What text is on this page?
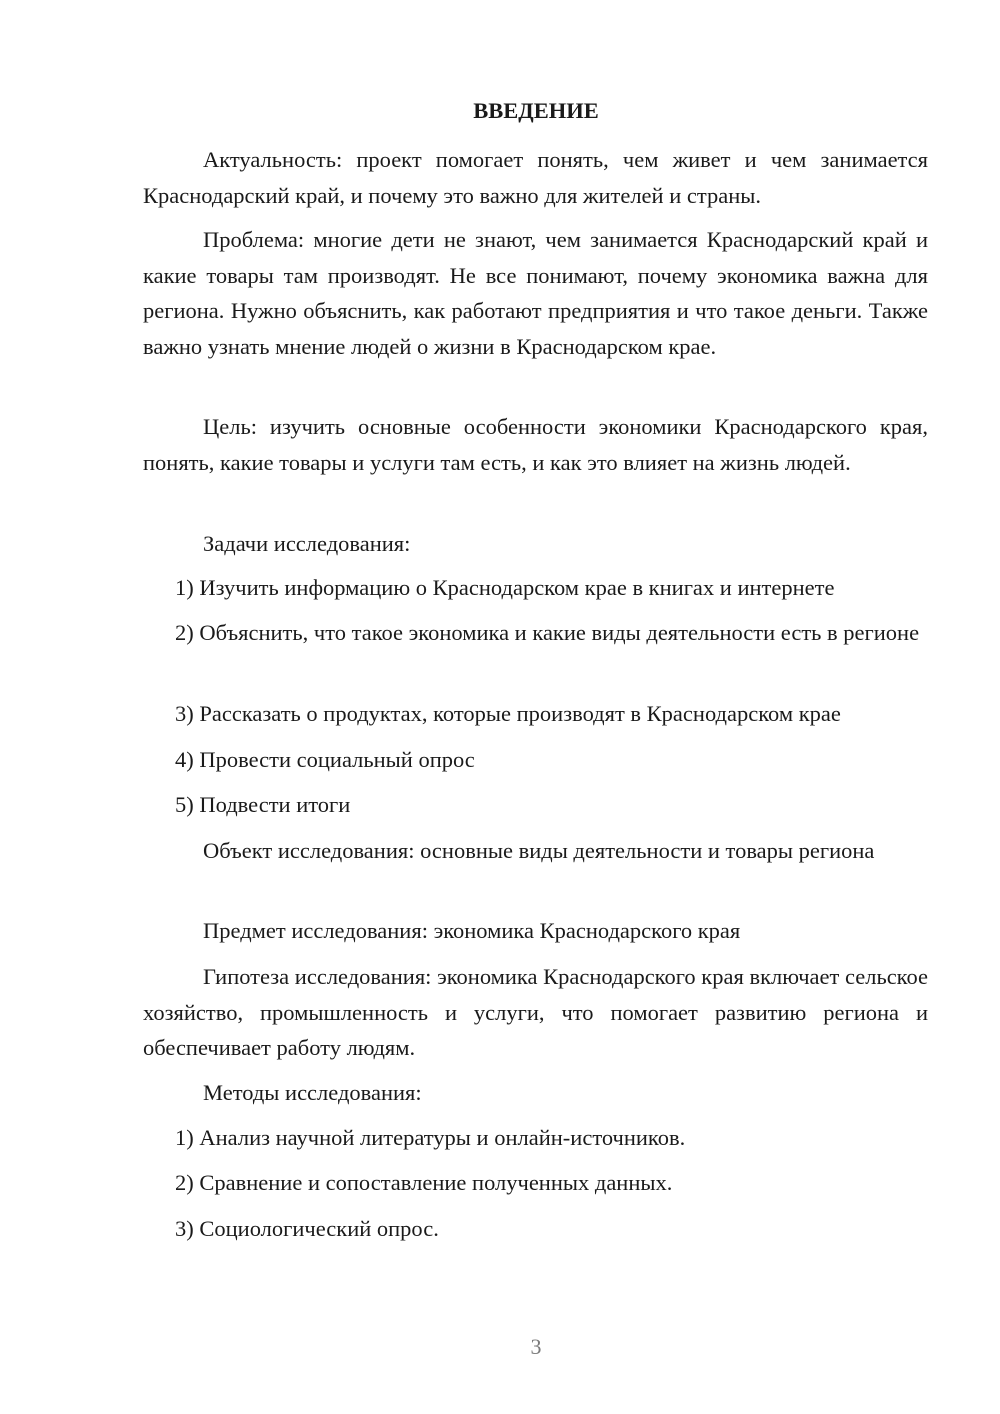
ВВЕДЕНИЕ

Актуальность: проект помогает понять, чем живет и чем занимается Краснодарский край, и почему это важно для жителей и страны.

Проблема: многие дети не знают, чем занимается Краснодарский край и какие товары там производят. Не все понимают, почему экономика важна для региона. Нужно объяснить, как работают предприятия и что такое деньги. Также важно узнать мнение людей о жизни в Краснодарском крае.

Цель: изучить основные особенности экономики Краснодарского края, понять, какие товары и услуги там есть, и как это влияет на жизнь людей.

Задачи исследования:

1) Изучить информацию о Краснодарском крае в книгах и интернете

2) Объяснить, что такое экономика и какие виды деятельности есть в регионе

3) Рассказать о продуктах, которые производят в Краснодарском крае

4) Провести социальный опрос

5) Подвести итоги

Объект исследования: основные виды деятельности и товары региона

Предмет исследования: экономика Краснодарского края

Гипотеза исследования: экономика Краснодарского края включает сельское хозяйство, промышленность и услуги, что помогает развитию региона и обеспечивает работу людям.

Методы исследования:

1) Анализ научной литературы и онлайн-источников.

2) Сравнение и сопоставление полученных данных.

3) Социологический опрос.

3
